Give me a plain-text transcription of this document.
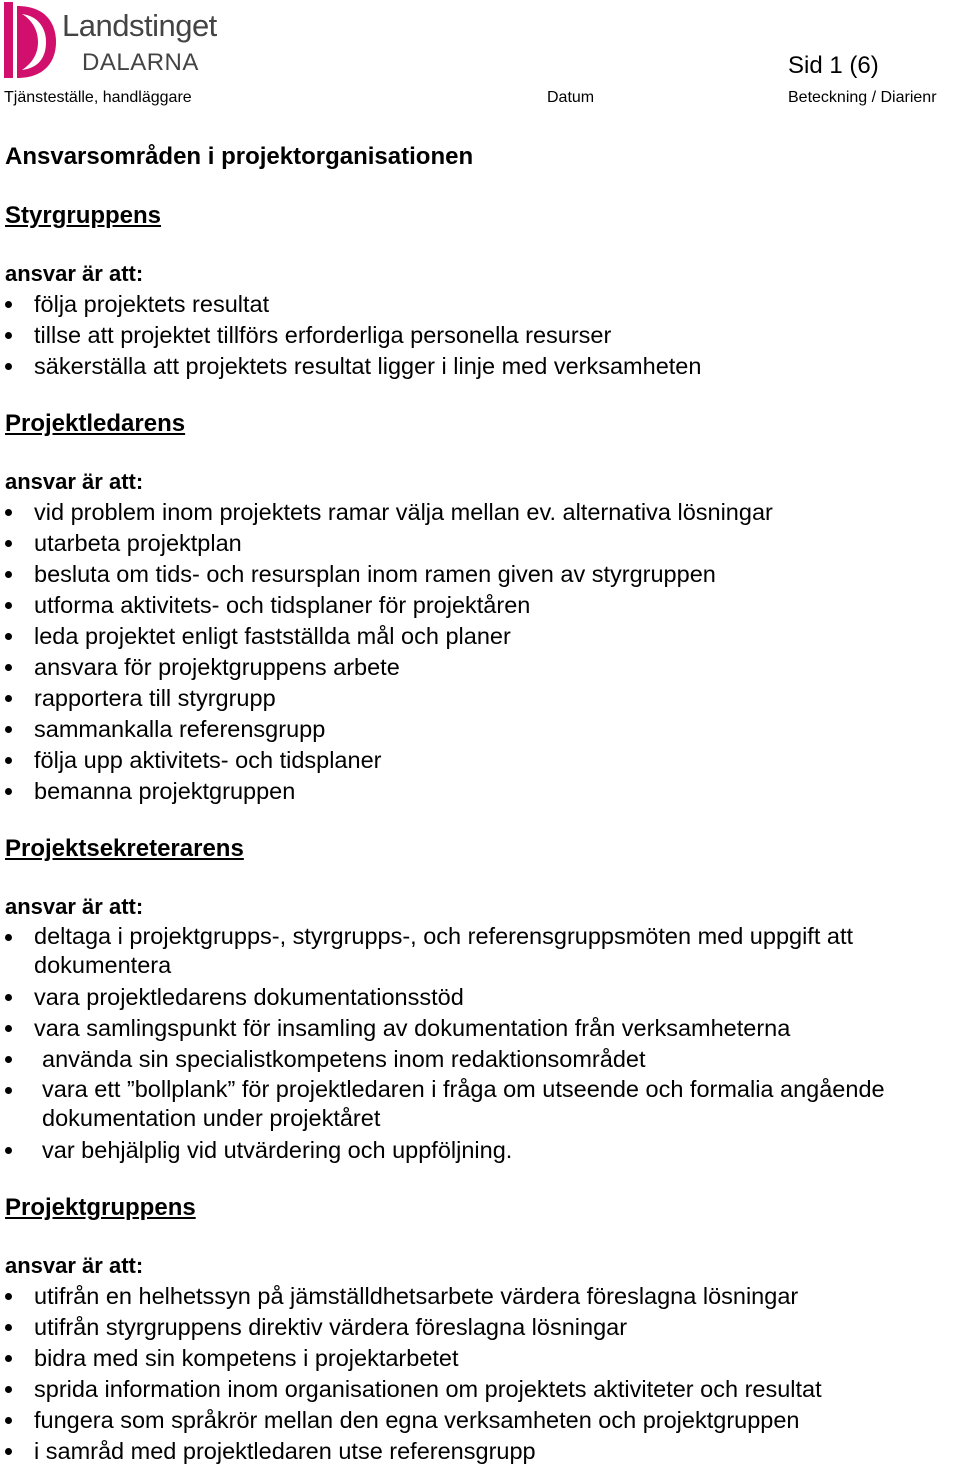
Landstinget
DALARNA	Sid 1 (6)
Tjänsteställe, handläggare	Datum	Beteckning / Diarienr
Ansvarsområden i projektorganisationen
Styrgruppens
ansvar är att:
följa projektets resultat
tillse att projektet tillförs erforderliga personella resurser
säkerställa att projektets resultat ligger i linje med verksamheten
Projektledarens
ansvar är att:
vid problem inom projektets ramar välja mellan ev. alternativa lösningar
utarbeta projektplan
besluta om tids- och resursplan inom ramen given av styrgruppen
utforma aktivitets- och tidsplaner för projektåren
leda projektet enligt fastställda mål och planer
ansvara för projektgruppens arbete
rapportera till styrgrupp
sammankalla referensgrupp
följa upp aktivitets- och tidsplaner
bemanna projektgruppen
Projektsekreterarens
ansvar är att:
deltaga i projektgrupps-, styrgrupps-, och referensgruppsmöten med uppgift att dokumentera
vara projektledarens dokumentationsstöd
vara samlingspunkt för insamling av dokumentation från verksamheterna
använda sin specialistkompetens inom redaktionsområdet
vara ett ”bollplank” för projektledaren i fråga om utseende och formalia angående dokumentation under projektåret
var behjälplig vid utvärdering och uppföljning.
Projektgruppens
ansvar är att:
utifrån en helhetssyn på jämställdhetsarbete värdera föreslagna lösningar
utifrån styrgruppens direktiv värdera föreslagna lösningar
bidra med sin kompetens i projektarbetet
sprida information inom organisationen om projektets aktiviteter och resultat
fungera som språkrör mellan den egna verksamheten och projektgruppen
i samråd med projektledaren utse referensgrupp
